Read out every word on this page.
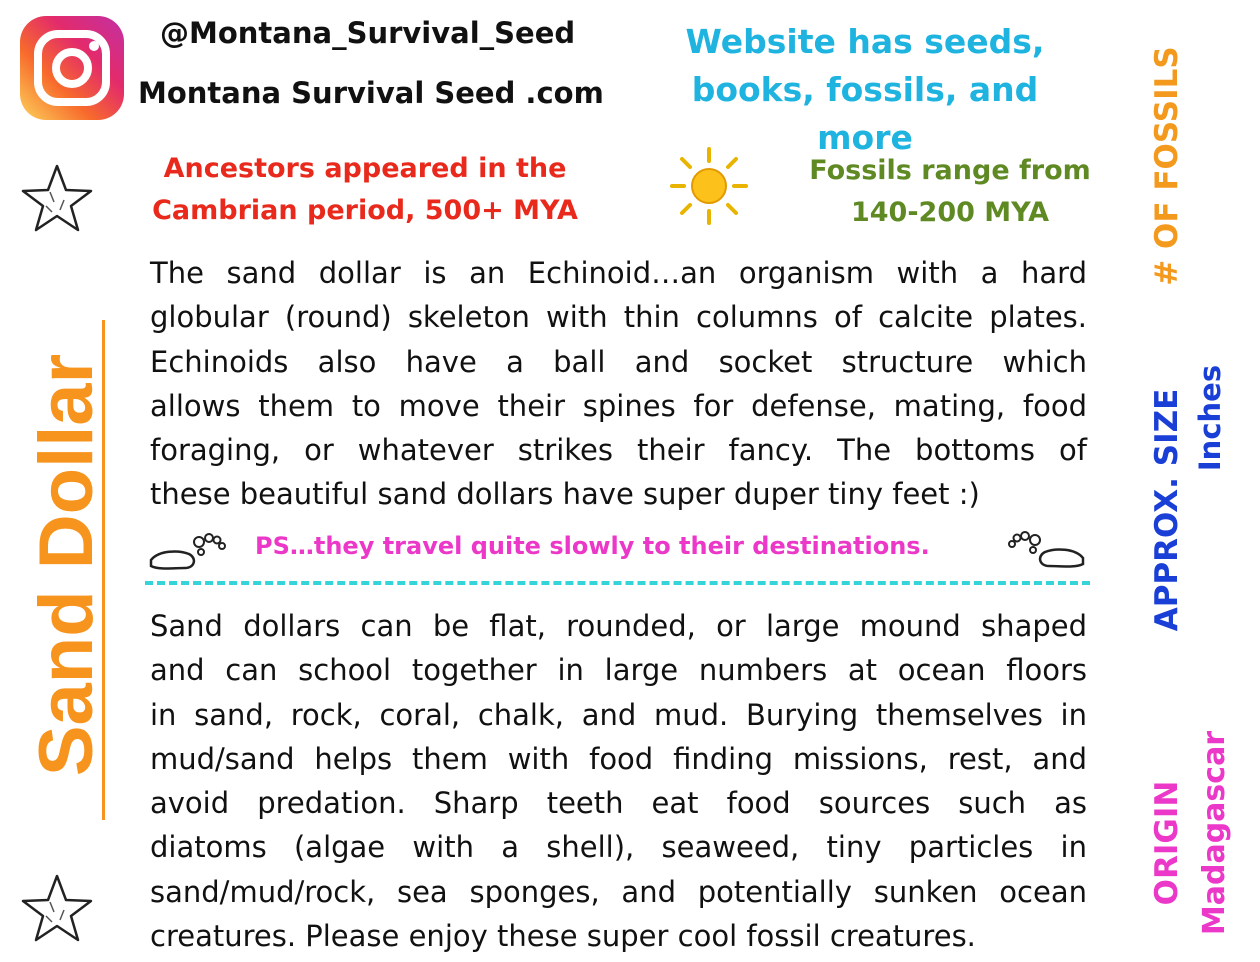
@Montana_Survival_Seed
Montana Survival Seed .com
Website has seeds,
books, fossils, and more
Ancestors appeared in the
Cambrian period, 500+ MYA
Fossils range from
140-200 MYA
Sand Dollar
The sand dollar is an Echinoid…an organism with a hard
globular (round) skeleton with thin columns of calcite plates.
Echinoids also have a ball and socket structure which
allows them to move their spines for defense, mating, food
foraging, or whatever strikes their fancy. The bottoms of
these beautiful sand dollars have super duper tiny feet :)
PS…they travel quite slowly to their destinations.
Sand dollars can be flat, rounded, or large mound shaped
and can school together in large numbers at ocean floors
in sand, rock, coral, chalk, and mud. Burying themselves in
mud/sand helps them with food finding missions, rest, and
avoid predation. Sharp teeth eat food sources such as
diatoms (algae with a shell), seaweed, tiny particles in
sand/mud/rock, sea sponges, and potentially sunken ocean
creatures. Please enjoy these super cool fossil creatures.
# OF FOSSILS
APPROX. SIZE Inches
ORIGIN Madagascar
